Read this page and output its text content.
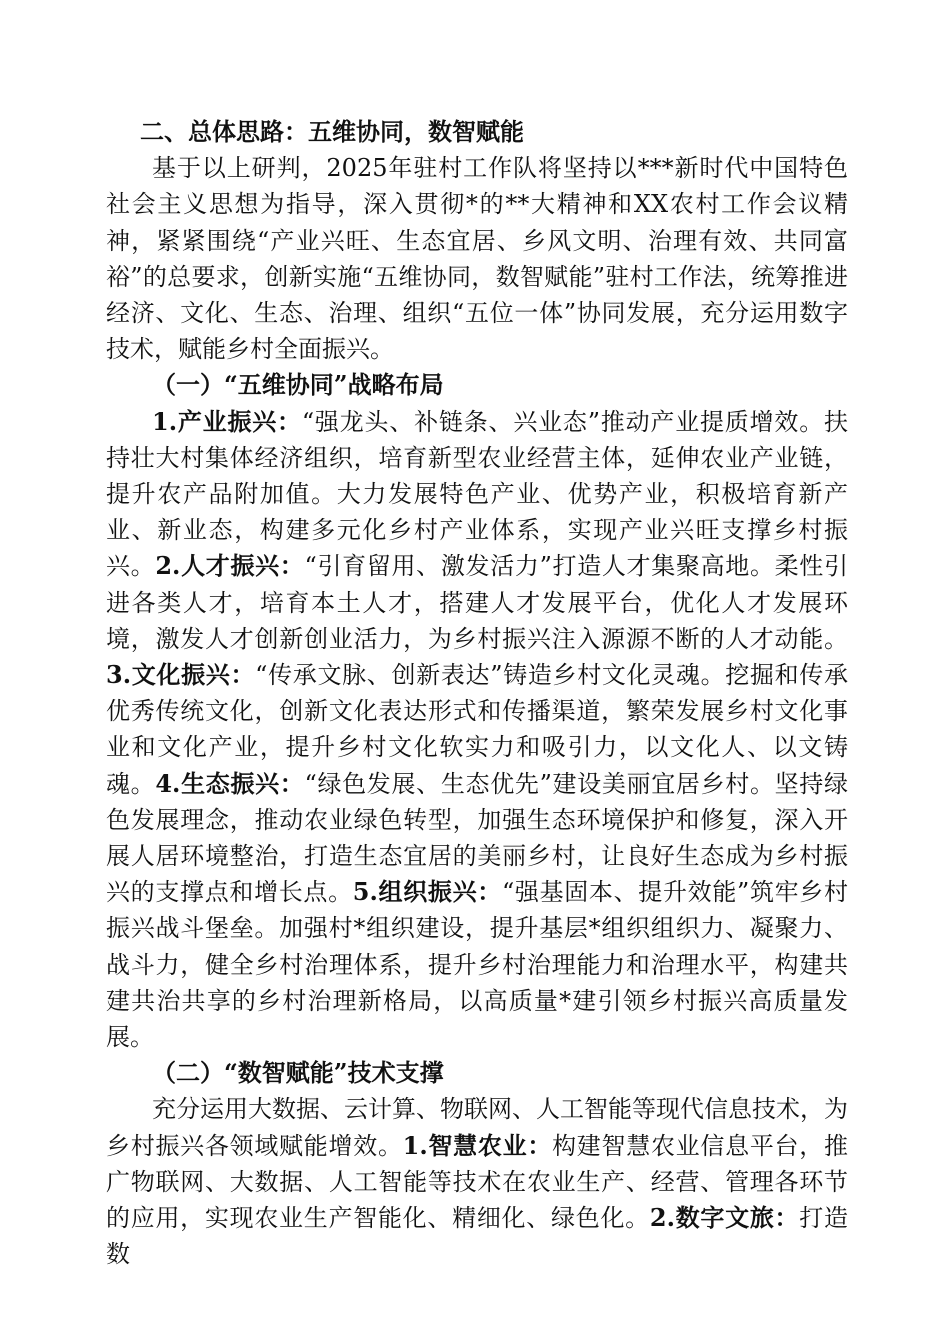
二、总体思路：五维协同，数智赋能

基于以上研判，2025年驻村工作队将坚持以***新时代中国特色社会主义思想为指导，深入贯彻*的**大精神和XX农村工作会议精神，紧紧围绕“产业兴旺、生态宜居、乡风文明、治理有效、共同富裕”的总要求，创新实施“五维协同，数智赋能”驻村工作法，统筹推进经济、文化、生态、治理、组织“五位一体”协同发展，充分运用数字技术，赋能乡村全面振兴。

（一）“五维协同”战略布局

1.产业振兴：“强龙头、补链条、兴业态”推动产业提质增效。扶持壮大村集体经济组织，培育新型农业经营主体，延伸农业产业链，提升农产品附加值。大力发展特色产业、优势产业，积极培育新产业、新业态，构建多元化乡村产业体系，实现产业兴旺支撑乡村振兴。2.人才振兴：“引育留用、激发活力”打造人才集聚高地。柔性引进各类人才，培育本土人才，搭建人才发展平台，优化人才发展环境，激发人才创新创业活力，为乡村振兴注入源源不断的人才动能。3.文化振兴：“传承文脉、创新表达”铸造乡村文化灵魂。挖掘和传承优秀传统文化，创新文化表达形式和传播渠道，繁荣发展乡村文化事业和文化产业，提升乡村文化软实力和吸引力，以文化人、以文铸魂。4.生态振兴：“绿色发展、生态优先”建设美丽宜居乡村。坚持绿色发展理念，推动农业绿色转型，加强生态环境保护和修复，深入开展人居环境整治，打造生态宜居的美丽乡村，让良好生态成为乡村振兴的支撑点和增长点。5.组织振兴：“强基固本、提升效能”筑牢乡村振兴战斗堡垒。加强村*组织建设，提升基层*组织组织力、凝聚力、战斗力，健全乡村治理体系，提升乡村治理能力和治理水平，构建共建共治共享的乡村治理新格局，以高质量*建引领乡村振兴高质量发展。

（二）“数智赋能”技术支撑

充分运用大数据、云计算、物联网、人工智能等现代信息技术，为乡村振兴各领域赋能增效。1.智慧农业：构建智慧农业信息平台，推广物联网、大数据、人工智能等技术在农业生产、经营、管理各环节的应用，实现农业生产智能化、精细化、绿色化。2.数字文旅：打造数
